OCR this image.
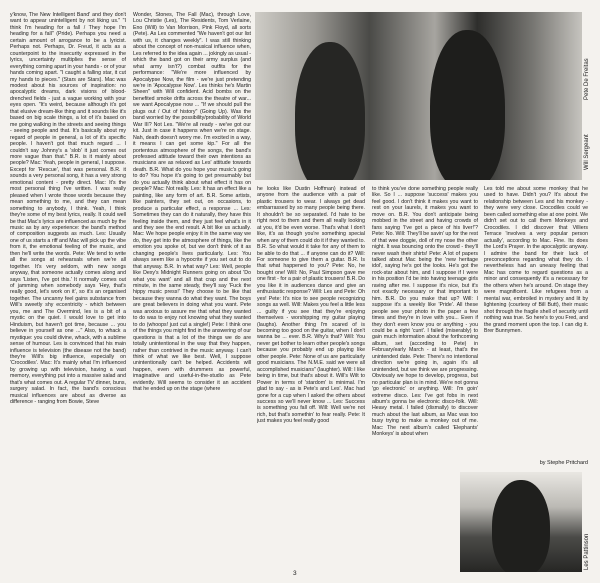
y'know, The New Intelligent Band' and they don't want to appear unintelligent by not liking us." "I think I'm heading for a fall / They hope I'm heading for a fall" (Pride). Perhaps you need a certain amount of arrogance to be a lyricist. Perhaps not. Perhaps, Dr. Freud, it acts as a counterpoint to the insecurity expressed in the lyrics, uncertainty multiplies the sense of everything coming apart in your hands - or of your hands coming apart. "I caught a falling star, it cut my hands to pieces." (Stars are Stars). Mac was modest about his sources of inspiration: no apocalyptic dreams, dark visions of blood-drenched fields - just a vague working with your eyes open. "It's weird, because although it's got that elusive dream-like thing and it sounds like it's based on big scale things, a lot of it's based on me going walking in the streets and seeing things - seeing people and that. It's basically about my regard of people in general, a lot of it's specific people. I haven't got that much regard ... I couldn't say Johnny's a 'slob' it just comes out more vague than that." B.R. is it mainly about people? Mac: Yeah, people in general, I suppose. Except for 'Rescue', that was personal. B.R. it sounds a very personal song, it has a very strong emotional content - pretty direct. Mac: It's the most personal thing I've written. I was really pleased when I wrote those words because they mean something to me, and they can mean something to anybody, I think. Yeah, I think they're some of my best lyrics, really. It could well be that Mac's lyrics are influenced as much by the music as by any experience: the band's method of composition suggests as much. Les: Usually one of us starts a riff and Mac will pick up the vibe from it, the emotional feeling of the music, and then he'll write the words. Pete: We tend to write all the songs at rehearsals when we're all together. It's very seldom, with new songs anyway, that someone actually comes along and says 'Listen, I've got this.' It normally comes out of jamming when somebody says 'Hey, that's really good, let's work on it', so it's an organised together. The uncanny feel gains substance from Will's sweetly shy eccentricity - which between you, me and The Overmind, les is a bit of a mystic on the quiet. I would love to get into Hinduism, but haven't got time, because ... you believe in yourself as one ..." Also, to whack a mystique: you could divine, whack, with a sublime sense of humour. Les is convinced that his main influence is television (the disease not the band) they're Will's big influence, especially on 'Crocodiles'. Mac: It's mainly what I'm influenced by growing up with television, having a vast memory, everything put into a massive salad and that's what comes out. A regular TV dinner, buns, surgery salad. In fact, the band's conscious musical influences are about as diverse as difference - ranging from Bowie, Steve

Wonder, Stones, The Fall (Mac), through Love, Lou Christie (Les), The Residents, Tom Verlaine, Eno (Will) to Van Morrison, Pink Floyd, all sorts (Pete). As Les commented "We haven't got our list with us, it changes weekly". I was still thinking about the concept of non-musical influence when, Les referred to the idea again ... jokingly as usual - which the band got on their army surplus (and what army isn't?) combat outfits for the performance: "We're more influenced by Apocalypse Now, the film - we're just pretending we're in 'Apocalypse Now'. Les thinks he's Martin Sheen" with Will confident. Acid bombs on the benefited smoke drifts across the theatre of war... we want Apocalypse now ... "If we should pull the plugs out / Out of history" (Going Up). Was the band worried by the possibility/probability of World War III? Not Les. "We're all ready - we've got our kit. Just in case it happens when we're on stage. Nah, death doesn't worry me. I'm excited in a way, it means I can get some kip." For all the portentous atmosphere of the songs, the band's professed attitude toward their own intentions as musicians are as relaxed as Les' attitude towards death. B.R. What do you hope your music's going to do? You hope it's going to get presumably but do you actually think about what effect it has on people? Mac: Not really. Les: It has an effect like a painting, like any form of art. B.R. Some artists, like painters, they set out, on occasions, to produce a particular effect, a response ... Les: Sometimes they can do it naturally, they have this feeling inside them, and they just feel what's in it and they see the end result. A bit like us actually. Mac: We hope people enjoy it in the same way we do, they get into the atmosphere of things, like the emotion you spoke of, but we don't think of it as changing people's lives particularly. Les: You always seem like a hypocrite if you set out to do that anyway. B.R. In what way? Les: Well, people like Dexy's Midnight Runners going on about 'Do what you want' and all that crap and the next minute, in the same steady, they'll say 'Fuck the hippy music press!' They choose to be like that because they wanna do what they want. The boys are great believers in doing what you want. Pete was anxious to assure me that what they wanted to do was to enjoy not knowing what they wanted to do (whoops! just cut a single!) Pete: I think one of the things you might find in the answering of our questions is that a lot of the things we do are totally unintentional in the way that they happen, rather than contrived in the music anyway. I can't think of what we like best. Well, I suppose unintentionally can't be helped. Accidents will happen, even with drummers as powerful, imaginative and useful-in-the-studio as Pete evidently. Will seems to consider it an accident that he ended up on the stage (where

Will Sergeant
Pete De Freitas

he looks like Dustin Hoffman) instead of anyone from the audience with a pair of plastic trousers to wear. I always get dead embarrassed by so many people being there. It shouldn't be so separated. I'd hate to be right next to them and them all really looking at you, it'd be even worse. That's what I don't like, it's as though you're something special when any of them could do it if they wanted to. B.R. So what would it take for any of them to be able to do that ... if anyone can do it? Will: For someone to give them a guitar. B.R. Is that what happened to you? Pete: No, he bought one! Will: No, Paul Simpson gave me one first - for a pair of plastic trousers! B.R. Do you like it in audiences dance and give an enthusiastic response? Will: Les and Pete: Oh yes! Pete: It's nice to see people recognizing songs as well. Will: Makes you feel a little less ... guilty if you see that they're enjoying themselves - worshipping my guitar playing (laughs). Another thing I'm scared of is becoming too good on the guitar, when I don't wanna be ... ever. B.R. Why's that? Will: You never get bother to learn other people's songs because you probably end up playing like other people. Pete: None of us are particularly good musicians. The N.M.E. said we were all accomplished musicians" (laughter). Will: I like being in time, but that's about it. Will's Wilt to Power in terms of 'stardom' is minimal. I'm glad to say - as is Pete's and Les'. Mac had gone for a cup when I asked the others about success so we'll never know ... Les: Success is something you fall off. Will: Well we're not rich, but that's somethin' to fear really. Pete: It just makes you feel really good

to think you've done something people really like. So I ... suppose 'success' makes you feel good. I don't think it makes you want to rest on your laurels, it makes you want to move on. B.R. You don't anticipate being mobbed in the street and having crowds of fans saying 'I've got a piece of his liver!'? Pete: No. Will: They'll be savin' up for the rest of that wee doggie, doll of my nose the other night. It was bouncing onto the crowd - they'll never wash their shirts! Pete: A lot of papers talked about Mac being the 'new heritage idol', saying he's got the looks. He's got the rock-star about him, and I suppose if I were in his position I'd be into having teenage girls raving after me. I suppose it's nice, but it's not exactly necessary or that important to him. B.R. Do you make that up? Will: I suppose it's a weekly like 'Pride'. All these people see your photo in the paper a few times and they're in love with you... Even if they don't even know you or anything - you could be a right 'cunt'. I failed (miserably) to gain much information about the forthcoming album, set (according to Pete) in February/early March - at least, that's the unintended date. Pete: There's no intentional direction we're going in, again it's all unintended, but we think we are progressing. Obviously we hope to develop, progress, but no particular plan is in mind. We're not gonna 'go electronic' or anything. Will: I'm goin' extreme disco. Les: I've got fobs in next album's gonna be electronic disco-folk. Will: Heavy metal. I failed (dismally) to discover much about the last album, as Mac was too busy trying to make a monkey out of me. Mac: The next album's called 'Elephants' Monkeys' is about when

Les told me about some monkey that he used to have. Didn't you? It's about the relationship between Les and his monkey - they were very close. Crocodiles could ve been called something else at one point. We didn't set out to call them Monkeys and Crocodiles. I did discover that Villiers Terrace 'involves a very popular person actually', according to Mac. Fine. Its does the Lord's Prayer. In the apocalyptic anyway. I admire the band for their lack of preconceptions regarding what they do. I nevertheless had an uneasy feeling that Mac has come to regard questions as a minor and consequently it's a necessary for the others when he's around. On stage they were magnificent. Like refugees from a mental war, embroiled in mystery and lit by lightening (courtesy of Bill Butt), their music shot through the fragile shell of security until nothing was true. So here's to you Fred, and the grand moment upon the top. I can dig it. Brer Bunnymen.

by Stephe Pritchard
Les Pattinson
3
